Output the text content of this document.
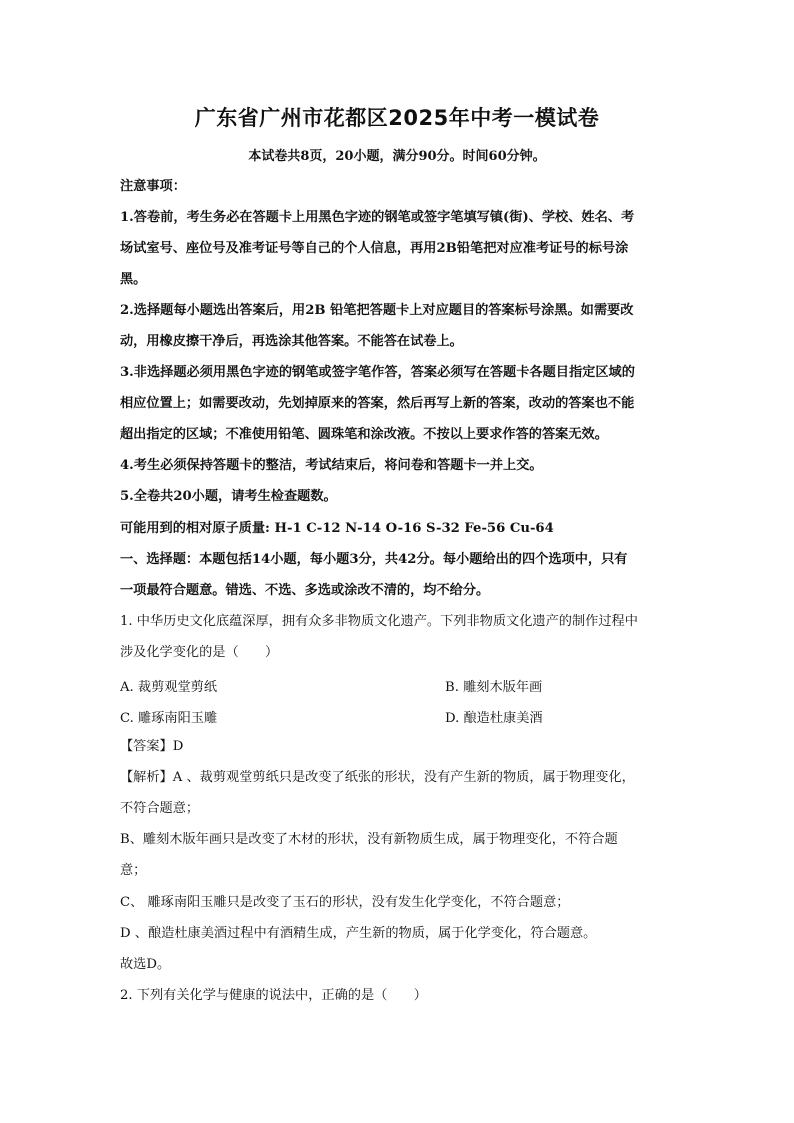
广东省广州市花都区2025年中考一模试卷
本试卷共8页，20小题，满分90分。时间60分钟。
注意事项：
1.答卷前，考生务必在答题卡上用黑色字迹的钢笔或签字笔填写镇(街)、学校、姓名、考
场试室号、座位号及准考证号等自己的个人信息，再用2B铅笔把对应准考证号的标号涂
黑。
2.选择题每小题选出答案后，用2B 铅笔把答题卡上对应题目的答案标号涂黑。如需要改
动，用橡皮擦干净后，再选涂其他答案。不能答在试卷上。
3.非选择题必须用黑色字迹的钢笔或签字笔作答，答案必须写在答题卡各题目指定区域的
相应位置上；如需要改动，先划掉原来的答案，然后再写上新的答案，改动的答案也不能
超出指定的区域；不准使用铅笔、圆珠笔和涂改液。不按以上要求作答的答案无效。
4.考生必须保持答题卡的整洁，考试结束后，将问卷和答题卡一并上交。
5.全卷共20小题，请考生检查题数。
可能用到的相对原子质量: H-1 C-12 N-14 O-16 S-32 Fe-56 Cu-64
一、选择题：本题包括14小题，每小题3分，共42分。每小题给出的四个选项中，只有
一项最符合题意。错选、不选、多选或涂改不清的，均不给分。
1. 中华历史文化底蕴深厚，拥有众多非物质文化遗产。下列非物质文化遗产的制作过程中
涉及化学变化的是（　　）
A. 裁剪观堂剪纸	B. 雕刻木版年画
C. 雕琢南阳玉雕	D. 酿造杜康美酒
【答案】D
【解析】A 、裁剪观堂剪纸只是改变了纸张的形状，没有产生新的物质，属于物理变化，
不符合题意；
B、雕刻木版年画只是改变了木材的形状，没有新物质生成，属于物理变化，不符合题
意；
C、 雕琢南阳玉雕只是改变了玉石的形状，没有发生化学变化，不符合题意；
D 、酿造杜康美酒过程中有酒精生成，产生新的物质，属于化学变化，符合题意。
故选D。
2. 下列有关化学与健康的说法中，正确的是（　　）
